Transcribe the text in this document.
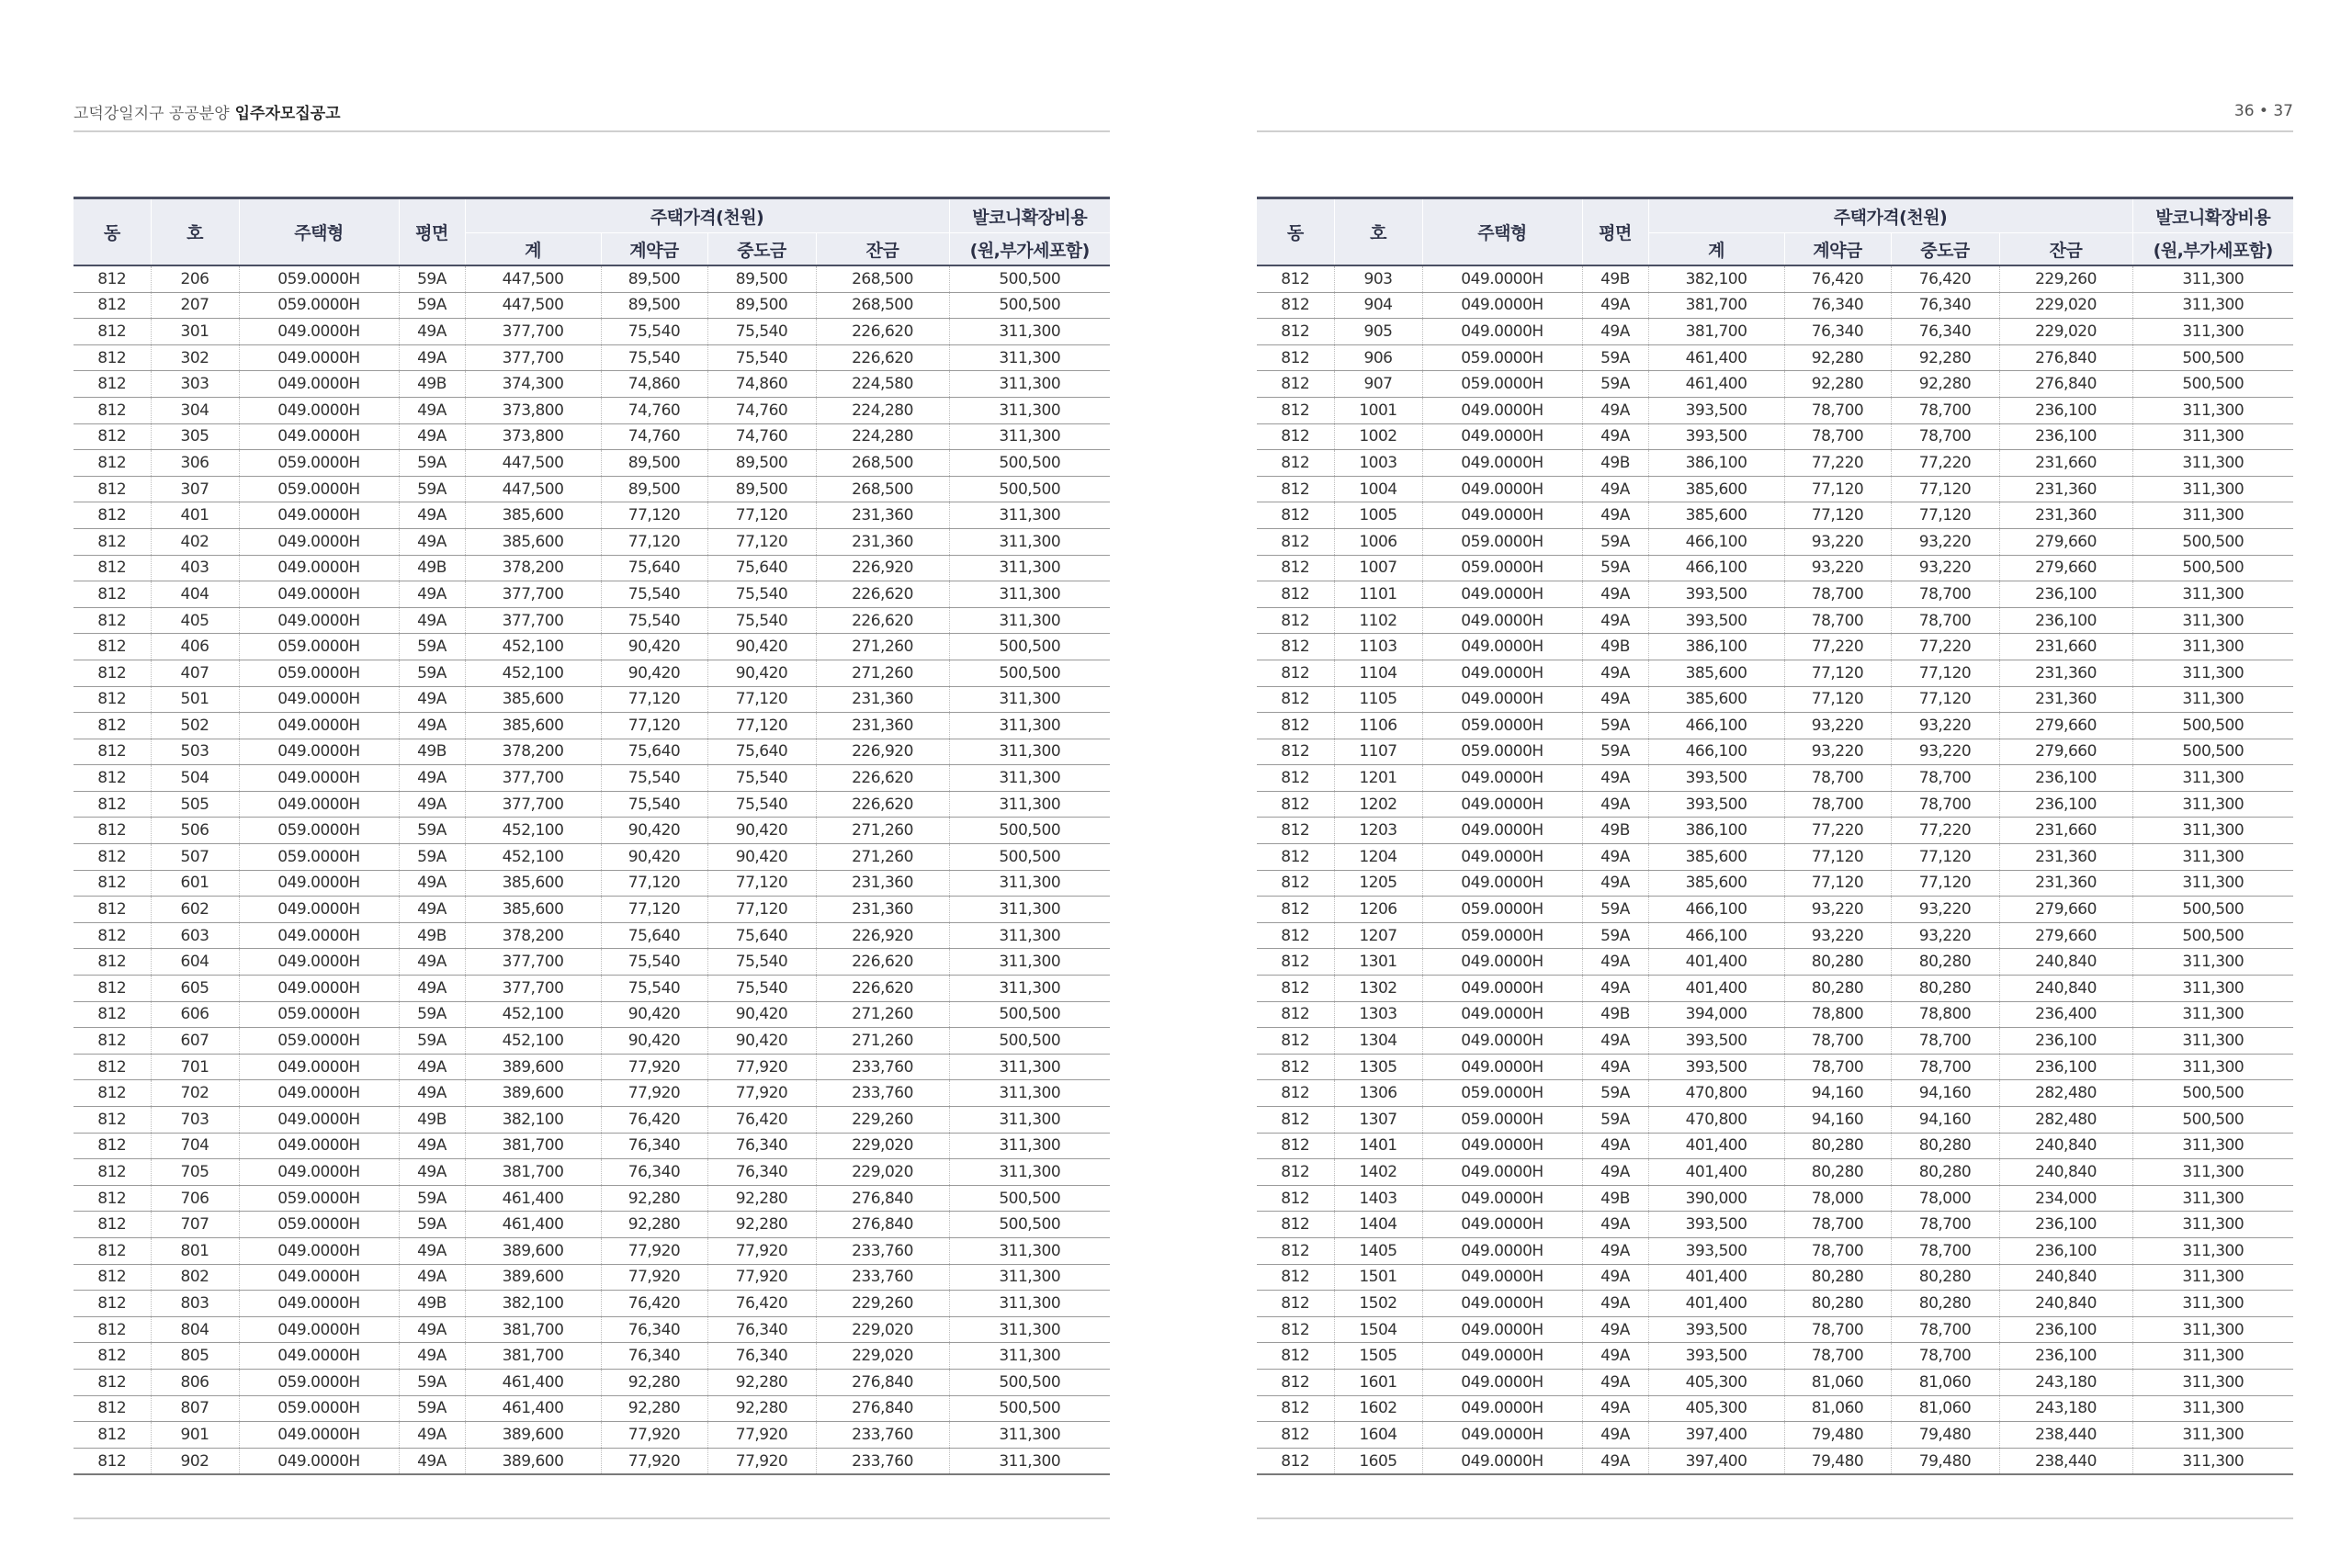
고덕강일지구 공공분양 입주자모집공고	36 • 37
동	호	주택형	평면	주택가격(천원)				발코니확장비용
				계	계약금	중도금	잔금	(원,부가세포함)
812	206	059.0000H	59A	447,500	89,500	89,500	268,500	500,500
812	207	059.0000H	59A	447,500	89,500	89,500	268,500	500,500
812	301	049.0000H	49A	377,700	75,540	75,540	226,620	311,300
812	302	049.0000H	49A	377,700	75,540	75,540	226,620	311,300
812	303	049.0000H	49B	374,300	74,860	74,860	224,580	311,300
812	304	049.0000H	49A	373,800	74,760	74,760	224,280	311,300
812	305	049.0000H	49A	373,800	74,760	74,760	224,280	311,300
812	306	059.0000H	59A	447,500	89,500	89,500	268,500	500,500
812	307	059.0000H	59A	447,500	89,500	89,500	268,500	500,500
812	401	049.0000H	49A	385,600	77,120	77,120	231,360	311,300
812	402	049.0000H	49A	385,600	77,120	77,120	231,360	311,300
812	403	049.0000H	49B	378,200	75,640	75,640	226,920	311,300
812	404	049.0000H	49A	377,700	75,540	75,540	226,620	311,300
812	405	049.0000H	49A	377,700	75,540	75,540	226,620	311,300
812	406	059.0000H	59A	452,100	90,420	90,420	271,260	500,500
812	407	059.0000H	59A	452,100	90,420	90,420	271,260	500,500
812	501	049.0000H	49A	385,600	77,120	77,120	231,360	311,300
812	502	049.0000H	49A	385,600	77,120	77,120	231,360	311,300
812	503	049.0000H	49B	378,200	75,640	75,640	226,920	311,300
812	504	049.0000H	49A	377,700	75,540	75,540	226,620	311,300
812	505	049.0000H	49A	377,700	75,540	75,540	226,620	311,300
812	506	059.0000H	59A	452,100	90,420	90,420	271,260	500,500
812	507	059.0000H	59A	452,100	90,420	90,420	271,260	500,500
812	601	049.0000H	49A	385,600	77,120	77,120	231,360	311,300
812	602	049.0000H	49A	385,600	77,120	77,120	231,360	311,300
812	603	049.0000H	49B	378,200	75,640	75,640	226,920	311,300
812	604	049.0000H	49A	377,700	75,540	75,540	226,620	311,300
812	605	049.0000H	49A	377,700	75,540	75,540	226,620	311,300
812	606	059.0000H	59A	452,100	90,420	90,420	271,260	500,500
812	607	059.0000H	59A	452,100	90,420	90,420	271,260	500,500
812	701	049.0000H	49A	389,600	77,920	77,920	233,760	311,300
812	702	049.0000H	49A	389,600	77,920	77,920	233,760	311,300
812	703	049.0000H	49B	382,100	76,420	76,420	229,260	311,300
812	704	049.0000H	49A	381,700	76,340	76,340	229,020	311,300
812	705	049.0000H	49A	381,700	76,340	76,340	229,020	311,300
812	706	059.0000H	59A	461,400	92,280	92,280	276,840	500,500
812	707	059.0000H	59A	461,400	92,280	92,280	276,840	500,500
812	801	049.0000H	49A	389,600	77,920	77,920	233,760	311,300
812	802	049.0000H	49A	389,600	77,920	77,920	233,760	311,300
812	803	049.0000H	49B	382,100	76,420	76,420	229,260	311,300
812	804	049.0000H	49A	381,700	76,340	76,340	229,020	311,300
812	805	049.0000H	49A	381,700	76,340	76,340	229,020	311,300
812	806	059.0000H	59A	461,400	92,280	92,280	276,840	500,500
812	807	059.0000H	59A	461,400	92,280	92,280	276,840	500,500
812	901	049.0000H	49A	389,600	77,920	77,920	233,760	311,300
812	902	049.0000H	49A	389,600	77,920	77,920	233,760	311,300
동	호	주택형	평면	주택가격(천원)				발코니확장비용
				계	계약금	중도금	잔금	(원,부가세포함)
812	903	049.0000H	49B	382,100	76,420	76,420	229,260	311,300
812	904	049.0000H	49A	381,700	76,340	76,340	229,020	311,300
812	905	049.0000H	49A	381,700	76,340	76,340	229,020	311,300
812	906	059.0000H	59A	461,400	92,280	92,280	276,840	500,500
812	907	059.0000H	59A	461,400	92,280	92,280	276,840	500,500
812	1001	049.0000H	49A	393,500	78,700	78,700	236,100	311,300
812	1002	049.0000H	49A	393,500	78,700	78,700	236,100	311,300
812	1003	049.0000H	49B	386,100	77,220	77,220	231,660	311,300
812	1004	049.0000H	49A	385,600	77,120	77,120	231,360	311,300
812	1005	049.0000H	49A	385,600	77,120	77,120	231,360	311,300
812	1006	059.0000H	59A	466,100	93,220	93,220	279,660	500,500
812	1007	059.0000H	59A	466,100	93,220	93,220	279,660	500,500
812	1101	049.0000H	49A	393,500	78,700	78,700	236,100	311,300
812	1102	049.0000H	49A	393,500	78,700	78,700	236,100	311,300
812	1103	049.0000H	49B	386,100	77,220	77,220	231,660	311,300
812	1104	049.0000H	49A	385,600	77,120	77,120	231,360	311,300
812	1105	049.0000H	49A	385,600	77,120	77,120	231,360	311,300
812	1106	059.0000H	59A	466,100	93,220	93,220	279,660	500,500
812	1107	059.0000H	59A	466,100	93,220	93,220	279,660	500,500
812	1201	049.0000H	49A	393,500	78,700	78,700	236,100	311,300
812	1202	049.0000H	49A	393,500	78,700	78,700	236,100	311,300
812	1203	049.0000H	49B	386,100	77,220	77,220	231,660	311,300
812	1204	049.0000H	49A	385,600	77,120	77,120	231,360	311,300
812	1205	049.0000H	49A	385,600	77,120	77,120	231,360	311,300
812	1206	059.0000H	59A	466,100	93,220	93,220	279,660	500,500
812	1207	059.0000H	59A	466,100	93,220	93,220	279,660	500,500
812	1301	049.0000H	49A	401,400	80,280	80,280	240,840	311,300
812	1302	049.0000H	49A	401,400	80,280	80,280	240,840	311,300
812	1303	049.0000H	49B	394,000	78,800	78,800	236,400	311,300
812	1304	049.0000H	49A	393,500	78,700	78,700	236,100	311,300
812	1305	049.0000H	49A	393,500	78,700	78,700	236,100	311,300
812	1306	059.0000H	59A	470,800	94,160	94,160	282,480	500,500
812	1307	059.0000H	59A	470,800	94,160	94,160	282,480	500,500
812	1401	049.0000H	49A	401,400	80,280	80,280	240,840	311,300
812	1402	049.0000H	49A	401,400	80,280	80,280	240,840	311,300
812	1403	049.0000H	49B	390,000	78,000	78,000	234,000	311,300
812	1404	049.0000H	49A	393,500	78,700	78,700	236,100	311,300
812	1405	049.0000H	49A	393,500	78,700	78,700	236,100	311,300
812	1501	049.0000H	49A	401,400	80,280	80,280	240,840	311,300
812	1502	049.0000H	49A	401,400	80,280	80,280	240,840	311,300
812	1504	049.0000H	49A	393,500	78,700	78,700	236,100	311,300
812	1505	049.0000H	49A	393,500	78,700	78,700	236,100	311,300
812	1601	049.0000H	49A	405,300	81,060	81,060	243,180	311,300
812	1602	049.0000H	49A	405,300	81,060	81,060	243,180	311,300
812	1604	049.0000H	49A	397,400	79,480	79,480	238,440	311,300
812	1605	049.0000H	49A	397,400	79,480	79,480	238,440	311,300
